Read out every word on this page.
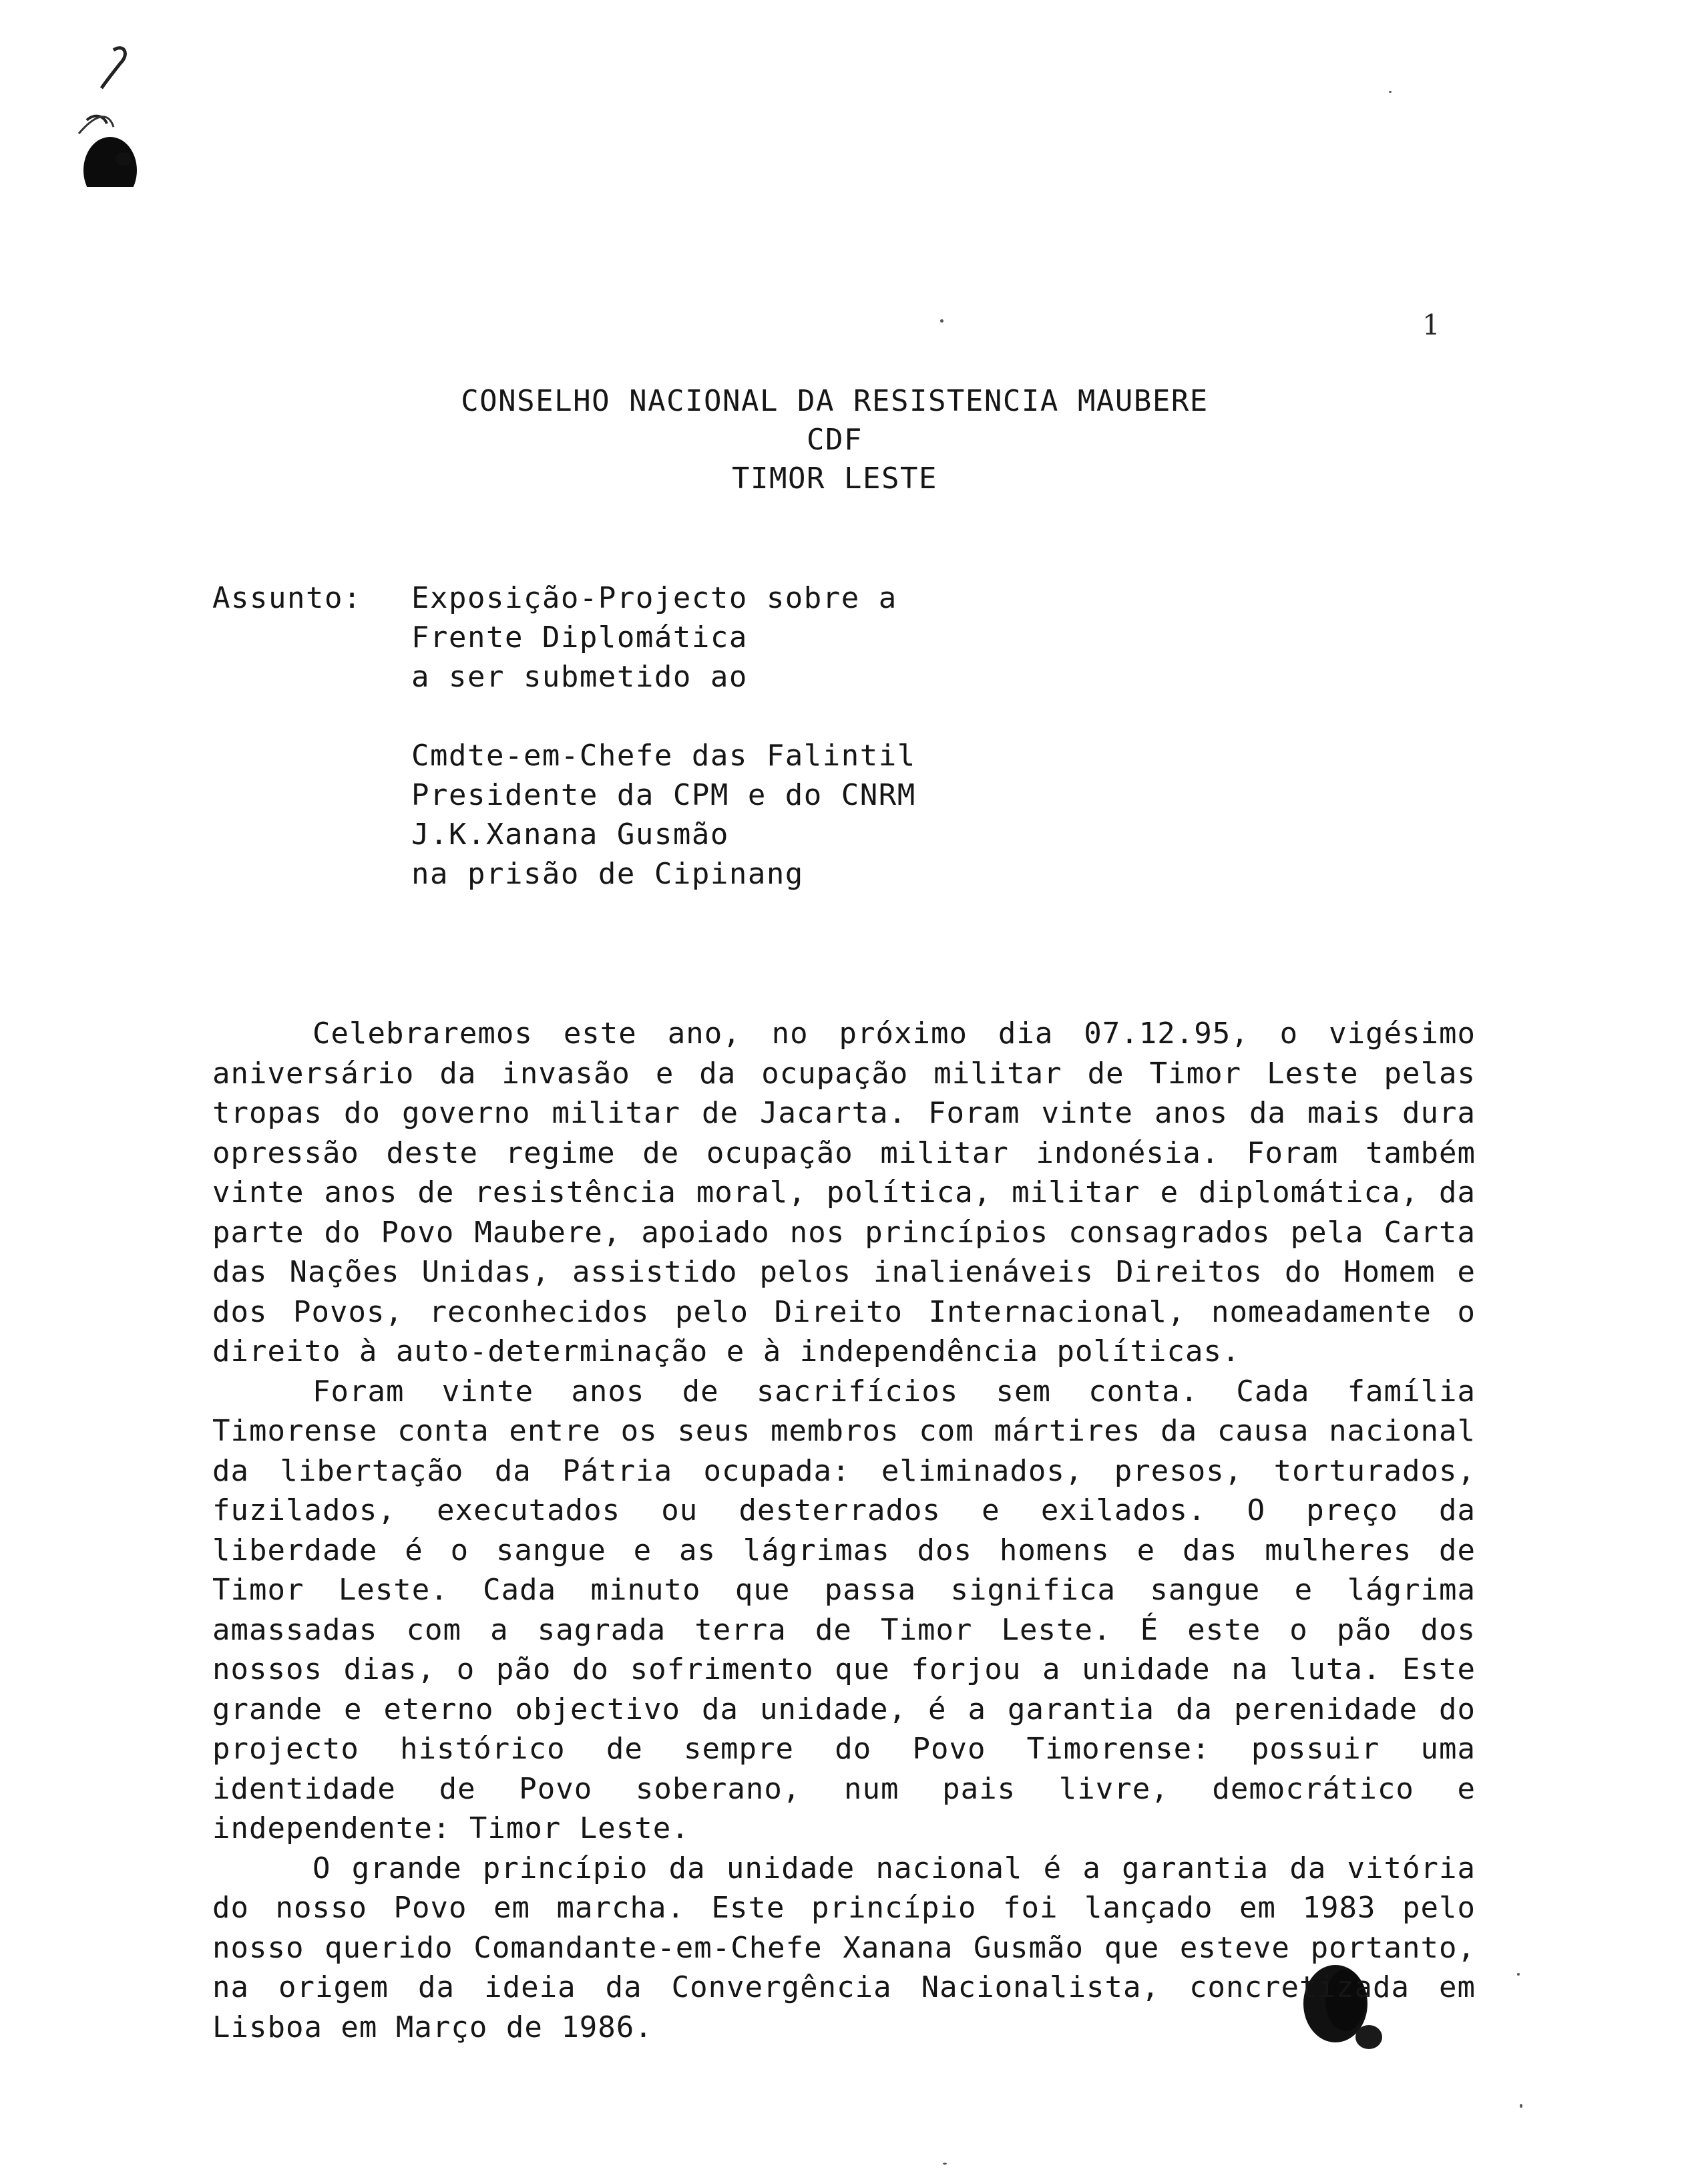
1
CONSELHO NACIONAL DA RESISTENCIA MAUBERE
CDF
TIMOR LESTE
Assunto: Exposição-Projecto sobre a
Frente Diplomática
a ser submetido ao
Cmdte-em-Chefe das Falintil
Presidente da CPM e do CNRM
J.K.Xanana Gusmão
na prisão de Cipinang

Celebraremos este ano, no próximo dia 07.12.95, o vigésimo aniversário da invasão e da ocupação militar de Timor Leste pelas tropas do governo militar de Jacarta. Foram vinte anos da mais dura opressão deste regime de ocupação militar indonésia. Foram também vinte anos de resistência moral, política, militar e diplomática, da parte do Povo Maubere, apoiado nos princípios consagrados pela Carta das Nações Unidas, assistido pelos inalienáveis Direitos do Homem e dos Povos, reconhecidos pelo Direito Internacional, nomeadamente o direito à auto-determinação e à independência políticas.

Foram vinte anos de sacrifícios sem conta. Cada família Timorense conta entre os seus membros com mártires da causa nacional da libertação da Pátria ocupada: eliminados, presos, torturados, fuzilados, executados ou desterrados e exilados. O preço da liberdade é o sangue e as lágrimas dos homens e das mulheres de Timor Leste. Cada minuto que passa significa sangue e lágrima amassadas com a sagrada terra de Timor Leste. É este o pão dos nossos dias, o pão do sofrimento que forjou a unidade na luta. Este grande e eterno objectivo da unidade, é a garantia da perenidade do projecto histórico de sempre do Povo Timorense: possuir uma identidade de Povo soberano, num pais livre, democrático e independente: Timor Leste.

O grande princípio da unidade nacional é a garantia da vitória do nosso Povo em marcha. Este princípio foi lançado em 1983 pelo nosso querido Comandante-em-Chefe Xanana Gusmão que esteve portanto, na origem da ideia da Convergência Nacionalista, concretizada em Lisboa em Março de 1986.
